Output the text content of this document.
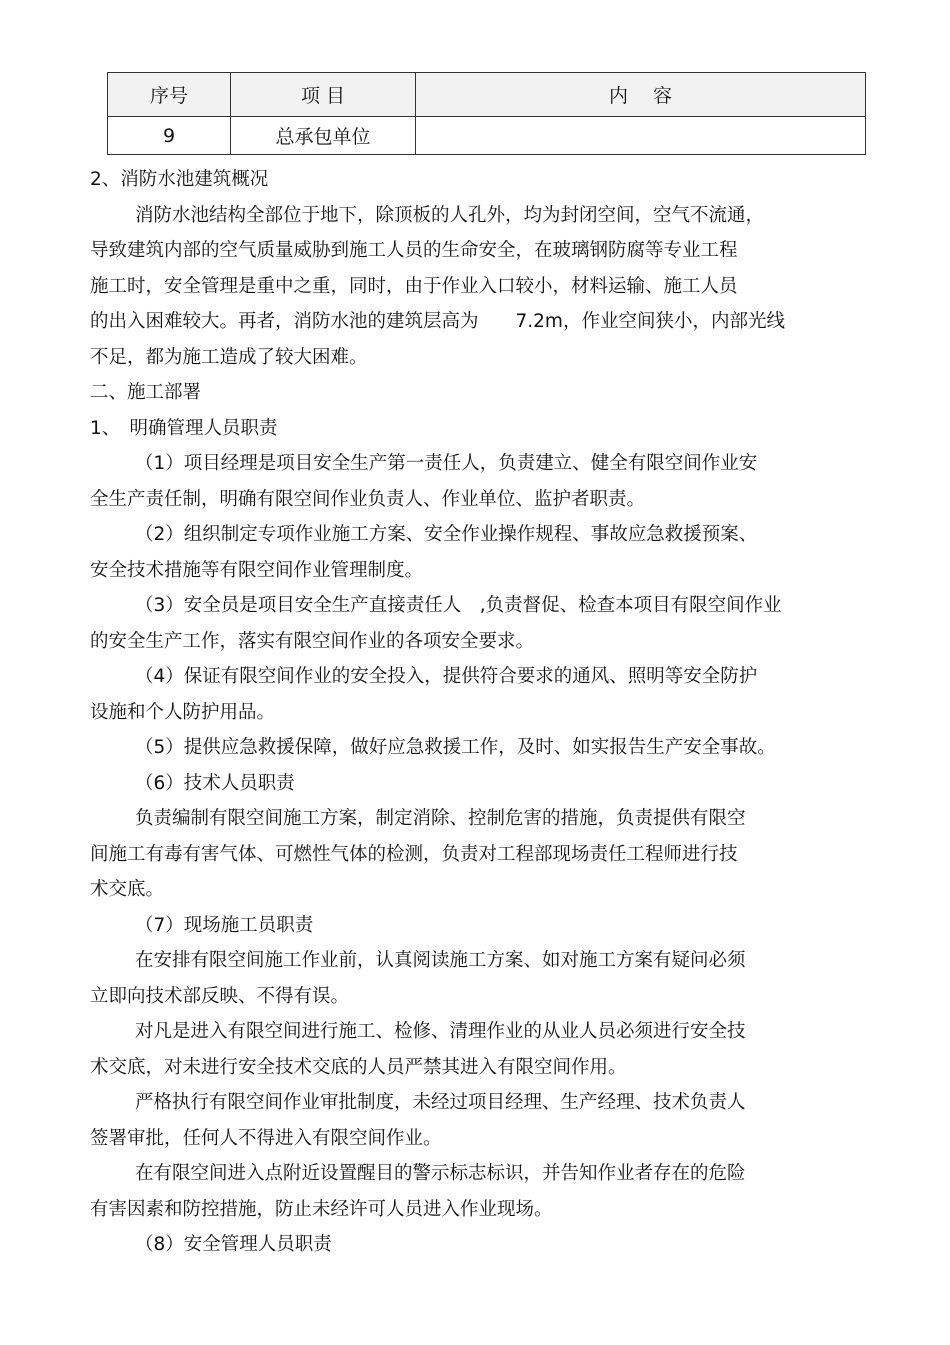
序号	项 目	内　 容
9	总承包单位	
2、消防水池建筑概况
消防水池结构全部位于地下，除顶板的人孔外，均为封闭空间，空气不流通，
导致建筑内部的空气质量威胁到施工人员的生命安全，在玻璃钢防腐等专业工程
施工时，安全管理是重中之重，同时，由于作业入口较小，材料运输、施工人员
的出入困难较大。再者，消防水池的建筑层高为　　7.2m，作业空间狭小，内部光线
不足，都为施工造成了较大困难。
二、施工部署
1、　明确管理人员职责
（1）项目经理是项目安全生产第一责任人，负责建立、健全有限空间作业安
全生产责任制，明确有限空间作业负责人、作业单位、监护者职责。
（2）组织制定专项作业施工方案、安全作业操作规程、事故应急救援预案、
安全技术措施等有限空间作业管理制度。
（3）安全员是项目安全生产直接责任人　,负责督促、检查本项目有限空间作业
的安全生产工作，落实有限空间作业的各项安全要求。
（4）保证有限空间作业的安全投入，提供符合要求的通风、照明等安全防护
设施和个人防护用品。
（5）提供应急救援保障，做好应急救援工作，及时、如实报告生产安全事故。
（6）技术人员职责
负责编制有限空间施工方案，制定消除、控制危害的措施，负责提供有限空
间施工有毒有害气体、可燃性气体的检测，负责对工程部现场责任工程师进行技
术交底。
（7）现场施工员职责
在安排有限空间施工作业前，认真阅读施工方案、如对施工方案有疑问必须
立即向技术部反映、不得有误。
对凡是进入有限空间进行施工、检修、清理作业的从业人员必须进行安全技
术交底，对未进行安全技术交底的人员严禁其进入有限空间作用。
严格执行有限空间作业审批制度，未经过项目经理、生产经理、技术负责人
签署审批，任何人不得进入有限空间作业。
在有限空间进入点附近设置醒目的警示标志标识，并告知作业者存在的危险
有害因素和防控措施，防止未经许可人员进入作业现场。
（8）安全管理人员职责
